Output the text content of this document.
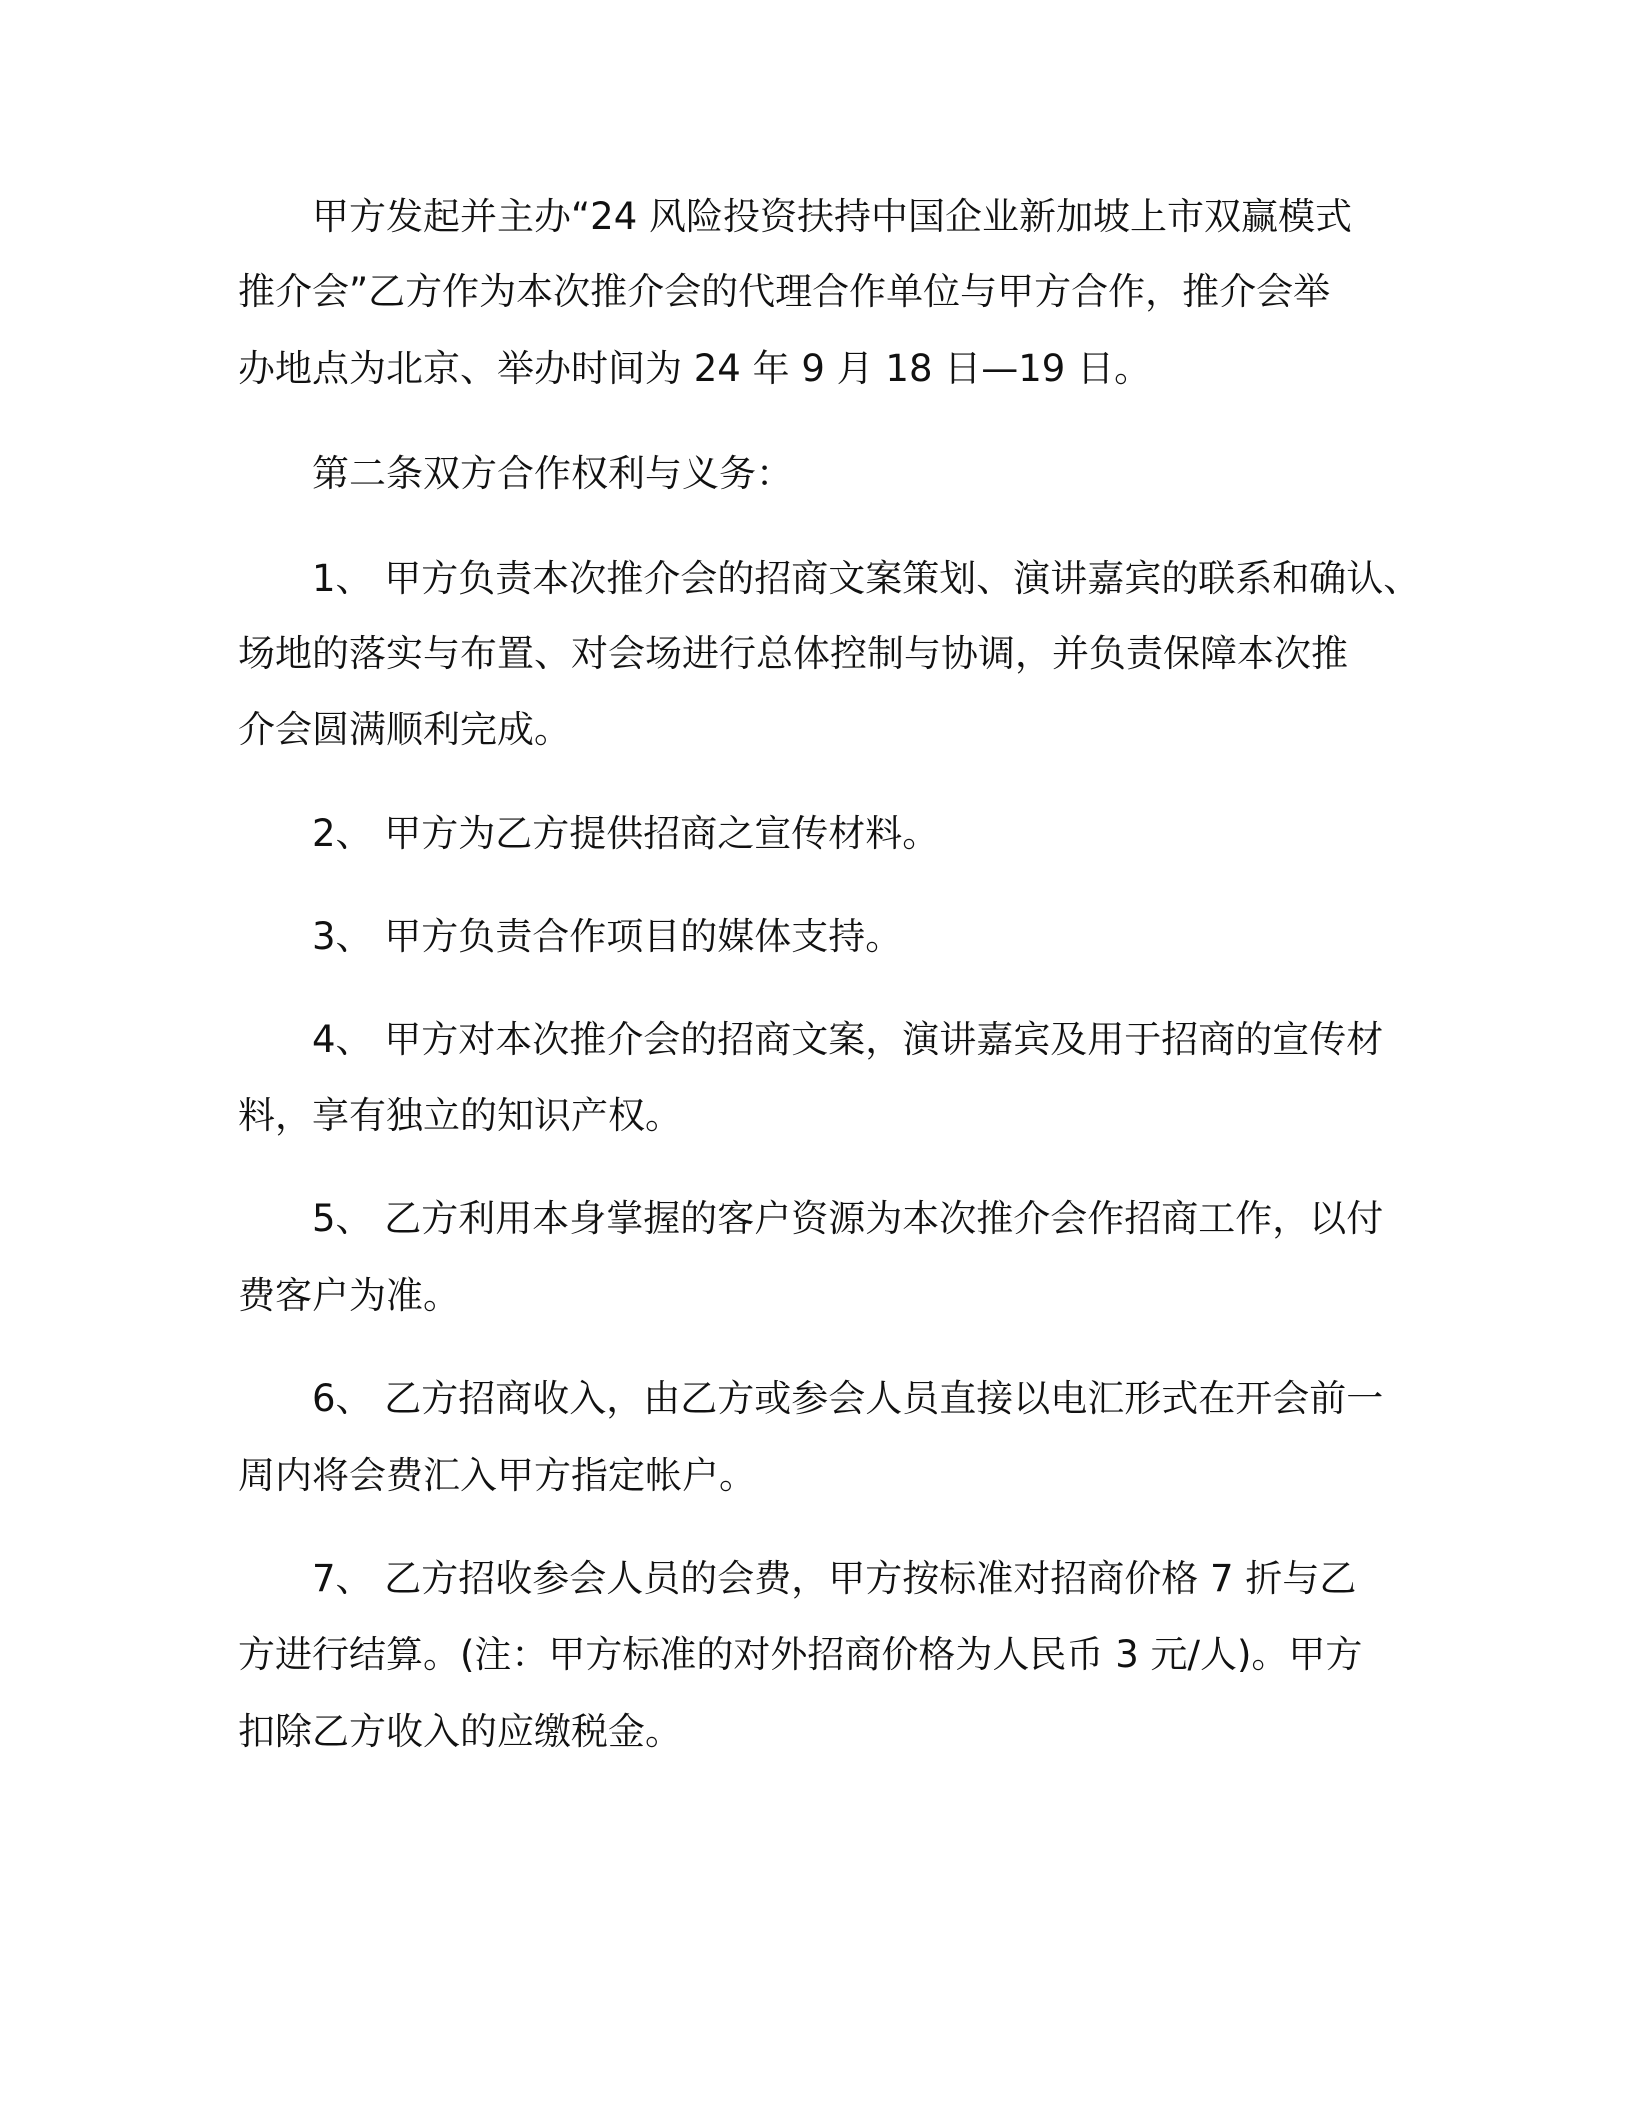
甲方发起并主办“24 风险投资扶持中国企业新加坡上市双赢模式
推介会”乙方作为本次推介会的代理合作单位与甲方合作，推介会举
办地点为北京、举办时间为 24 年 9 月 18 日—19 日。
第二条双方合作权利与义务：
1、 甲方负责本次推介会的招商文案策划、演讲嘉宾的联系和确认、
场地的落实与布置、对会场进行总体控制与协调，并负责保障本次推
介会圆满顺利完成。
2、 甲方为乙方提供招商之宣传材料。
3、 甲方负责合作项目的媒体支持。
4、 甲方对本次推介会的招商文案，演讲嘉宾及用于招商的宣传材
料，享有独立的知识产权。
5、 乙方利用本身掌握的客户资源为本次推介会作招商工作，以付
费客户为准。
6、 乙方招商收入，由乙方或参会人员直接以电汇形式在开会前一
周内将会费汇入甲方指定帐户。
7、 乙方招收参会人员的会费，甲方按标准对招商价格 7 折与乙
方进行结算。(注：甲方标准的对外招商价格为人民币 3 元/人)。甲方
扣除乙方收入的应缴税金。
